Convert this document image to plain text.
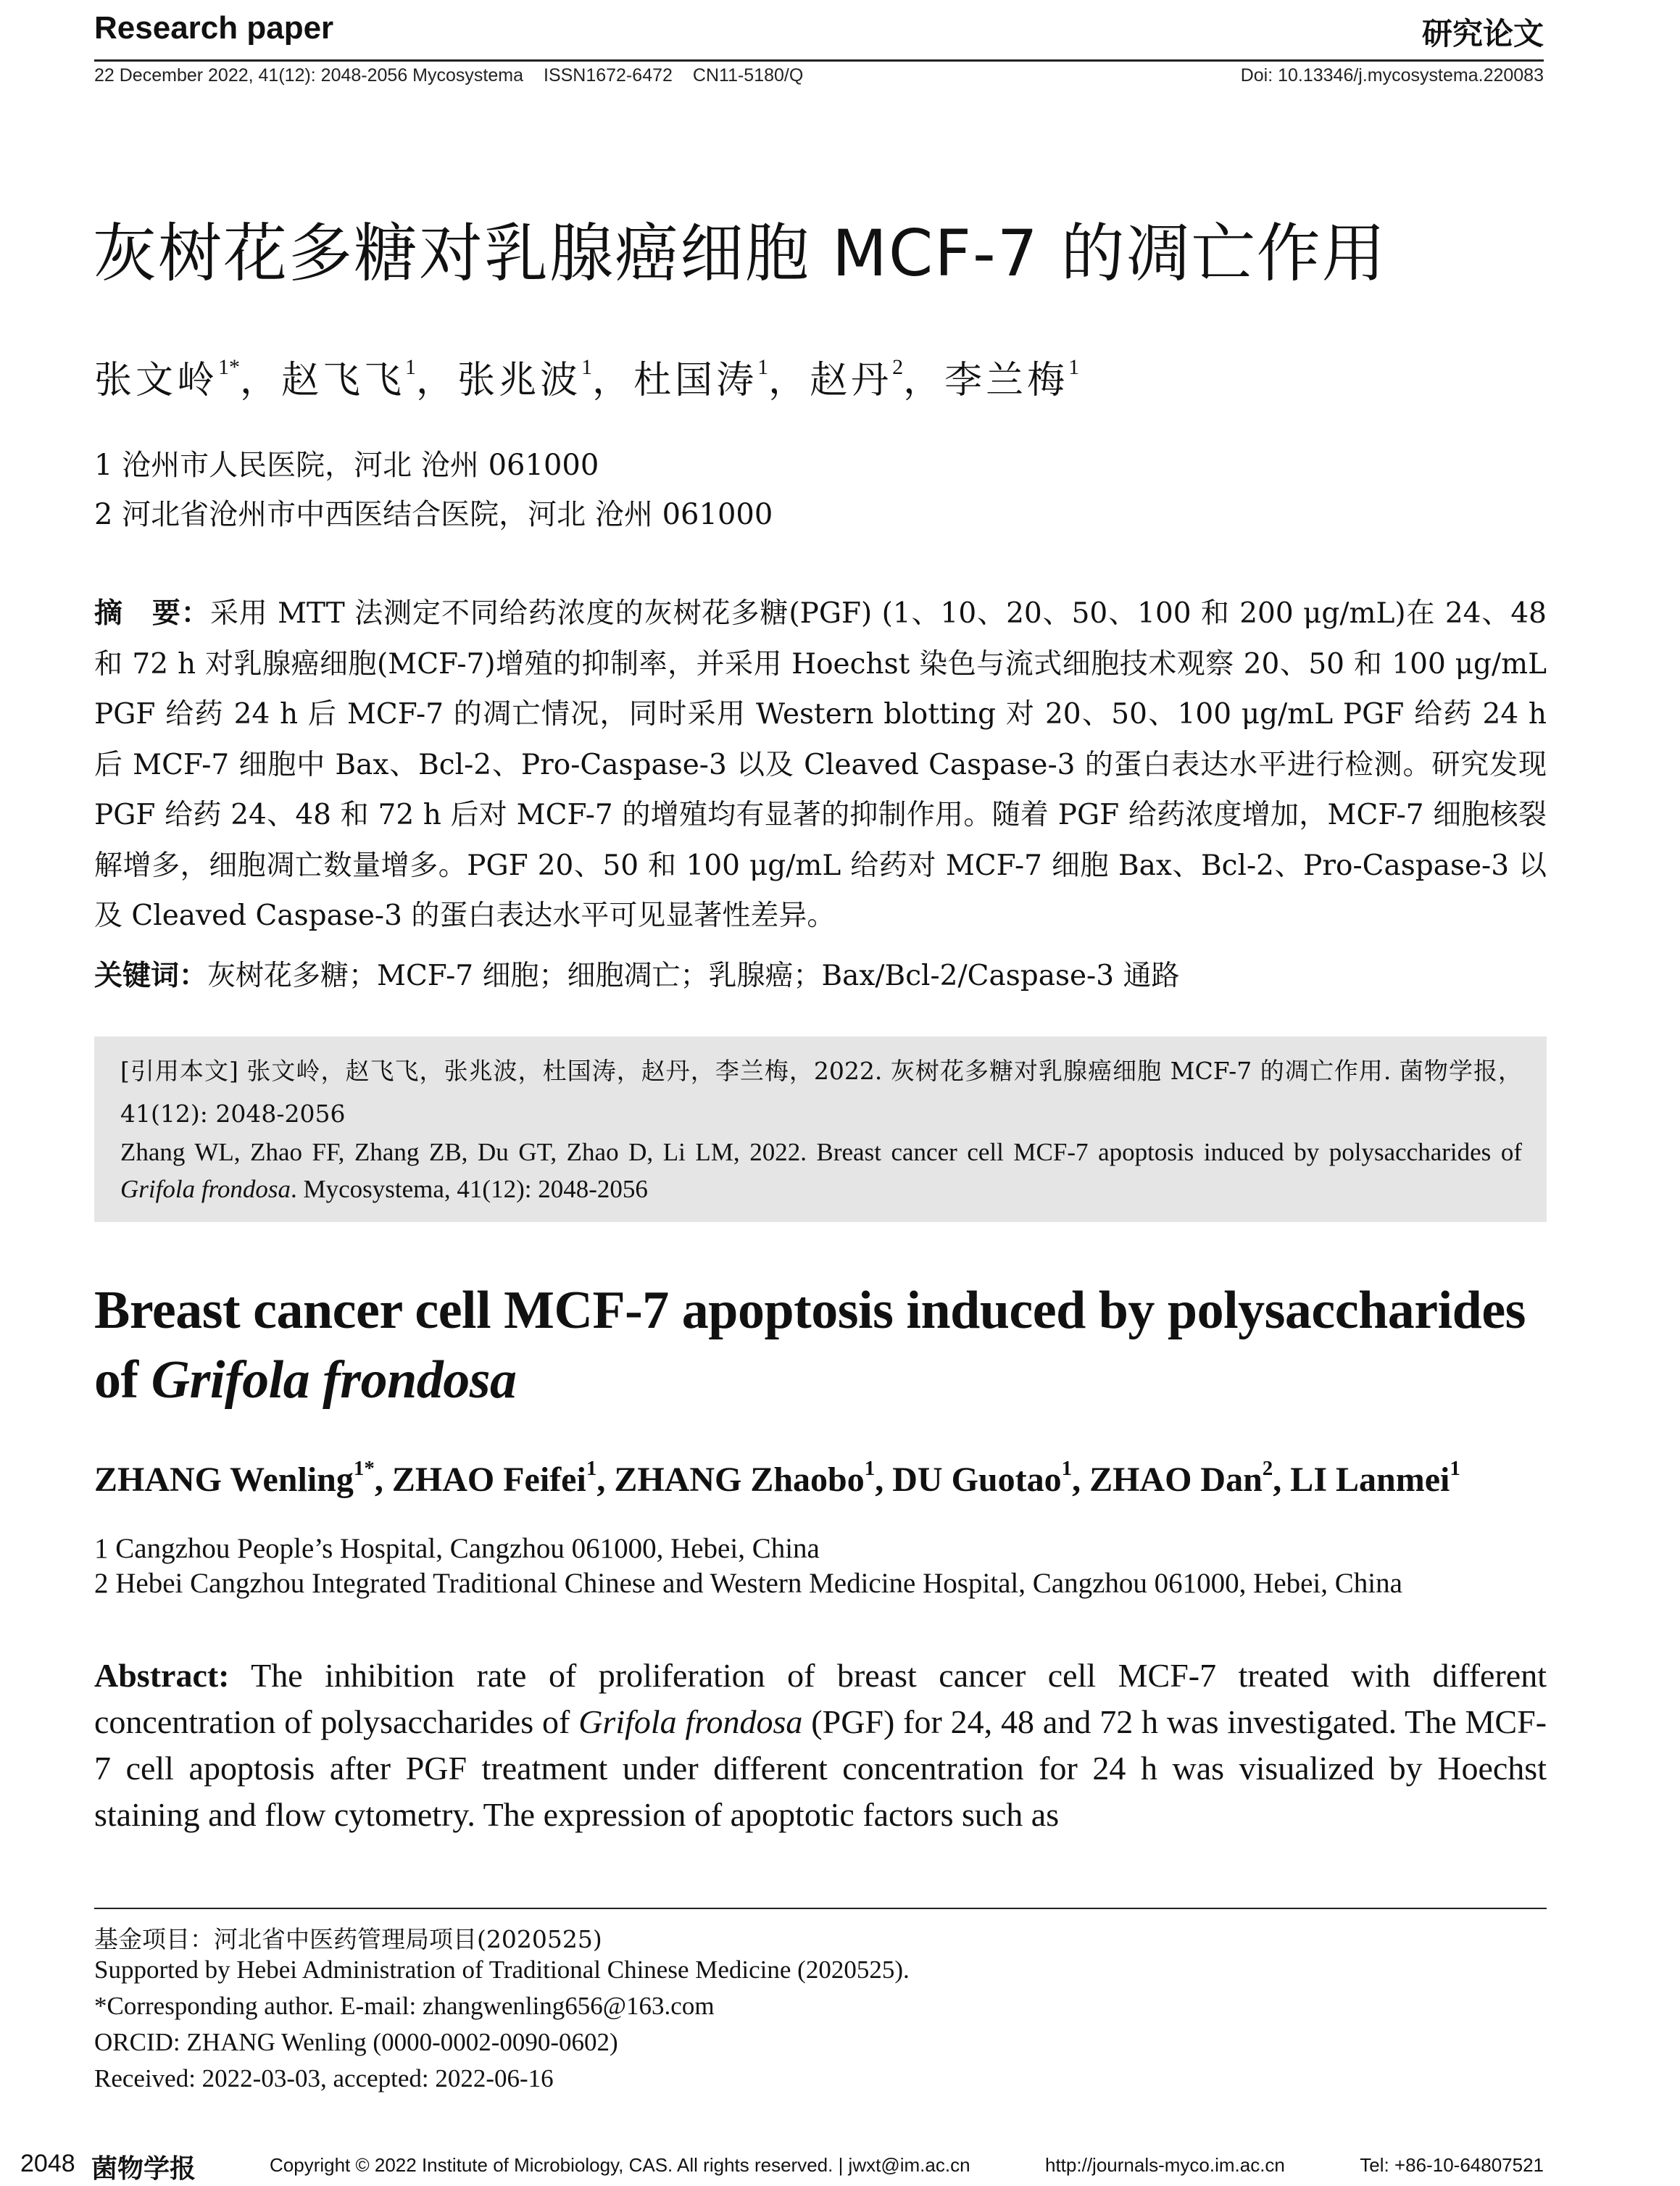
Research paper	研究论文
22 December 2022, 41(12): 2048-2056 Mycosystema ISSN1672-6472 CN11-5180/Q	Doi: 10.13346/j.mycosystema.220083
灰树花多糖对乳腺癌细胞 MCF-7 的凋亡作用
张文岭$^{1*}$，赵飞飞$^1$，张兆波$^1$，杜国涛$^1$，赵丹$^2$，李兰梅$^1$
1 沧州市人民医院，河北 沧州 061000
2 河北省沧州市中西医结合医院，河北 沧州 061000
摘　要：采用 MTT 法测定不同给药浓度的灰树花多糖(PGF) (1、10、20、50、100 和 200 μg/mL)在 24、48 和 72 h 对乳腺癌细胞(MCF-7)增殖的抑制率，并采用 Hoechst 染色与流式细胞技术观察 20、50 和 100 μg/mL PGF 给药 24 h 后 MCF-7 的凋亡情况，同时采用 Western blotting 对 20、50、100 μg/mL PGF 给药 24 h 后 MCF-7 细胞中 Bax、Bcl-2、Pro-Caspase-3 以及 Cleaved Caspase-3 的蛋白表达水平进行检测。研究发现 PGF 给药 24、48 和 72 h 后对 MCF-7 的增殖均有显著的抑制作用。随着 PGF 给药浓度增加，MCF-7 细胞核裂解增多，细胞凋亡数量增多。PGF 20、50 和 100 μg/mL 给药对 MCF-7 细胞 Bax、Bcl-2、Pro-Caspase-3 以及 Cleaved Caspase-3 的蛋白表达水平可见显著性差异。
关键词：灰树花多糖；MCF-7 细胞；细胞凋亡；乳腺癌；Bax/Bcl-2/Caspase-3 通路
[引用本文] 张文岭，赵飞飞，张兆波，杜国涛，赵丹，李兰梅，2022. 灰树花多糖对乳腺癌细胞 MCF-7 的凋亡作用. 菌物学报，41(12): 2048-2056
Zhang WL, Zhao FF, Zhang ZB, Du GT, Zhao D, Li LM, 2022. Breast cancer cell MCF-7 apoptosis induced by polysaccharides of Grifola frondosa. Mycosystema, 41(12): 2048-2056
Breast cancer cell MCF-7 apoptosis induced by polysaccharides of Grifola frondosa
ZHANG Wenling$^{1*}$, ZHAO Feifei$^1$, ZHANG Zhaobo$^1$, DU Guotao$^1$, ZHAO Dan$^2$, LI Lanmei$^1$
1 Cangzhou People’s Hospital, Cangzhou 061000, Hebei, China
2 Hebei Cangzhou Integrated Traditional Chinese and Western Medicine Hospital, Cangzhou 061000, Hebei, China
Abstract: The inhibition rate of proliferation of breast cancer cell MCF-7 treated with different concentration of polysaccharides of Grifola frondosa (PGF) for 24, 48 and 72 h was investigated. The MCF-7 cell apoptosis after PGF treatment under different concentration for 24 h was visualized by Hoechst staining and flow cytometry. The expression of apoptotic factors such as
基金项目：河北省中医药管理局项目(2020525)
Supported by Hebei Administration of Traditional Chinese Medicine (2020525).
*Corresponding author. E-mail: zhangwenling656@163.com
ORCID: ZHANG Wenling (0000-0002-0090-0602)
Received: 2022-03-03, accepted: 2022-06-16
2048 菌物学报	Copyright © 2022 Institute of Microbiology, CAS. All rights reserved. | jwxt@im.ac.cn	http://journals-myco.im.ac.cn	Tel: +86-10-64807521
